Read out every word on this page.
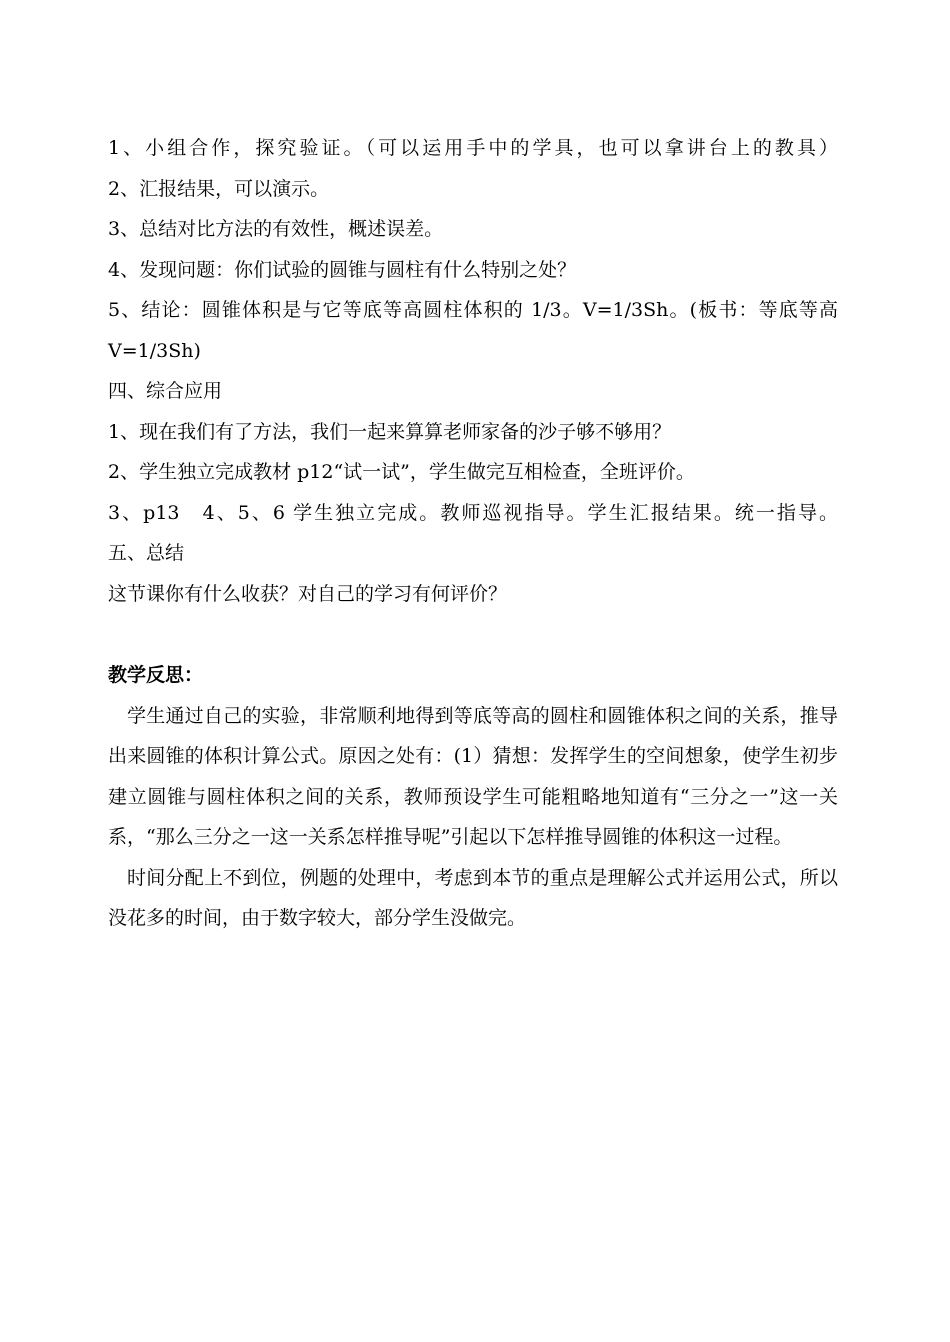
1、小组合作，探究验证。（可以运用手中的学具，也可以拿讲台上的教具）

2、汇报结果，可以演示。

3、总结对比方法的有效性，概述误差。

4、发现问题：你们试验的圆锥与圆柱有什么特别之处？

5、结论：圆锥体积是与它等底等高圆柱体积的 1/3。V=1/3Sh。(板书：等底等高

V=1/3Sh)

四、综合应用

1、现在我们有了方法，我们一起来算算老师家备的沙子够不够用？

2、学生独立完成教材 p12“试一试”，学生做完互相检查，全班评价。

3、p13　4、5、6 学生独立完成。教师巡视指导。学生汇报结果。统一指导。

五、总结

这节课你有什么收获？对自己的学习有何评价？

教学反思：

学生通过自己的实验，非常顺利地得到等底等高的圆柱和圆锥体积之间的关系，推导出来圆锥的体积计算公式。原因之处有：(1）猜想：发挥学生的空间想象，使学生初步建立圆锥与圆柱体积之间的关系，教师预设学生可能粗略地知道有“三分之一”这一关系，“那么三分之一这一关系怎样推导呢”引起以下怎样推导圆锥的体积这一过程。

时间分配上不到位，例题的处理中，考虑到本节的重点是理解公式并运用公式，所以没花多的时间，由于数字较大，部分学生没做完。
